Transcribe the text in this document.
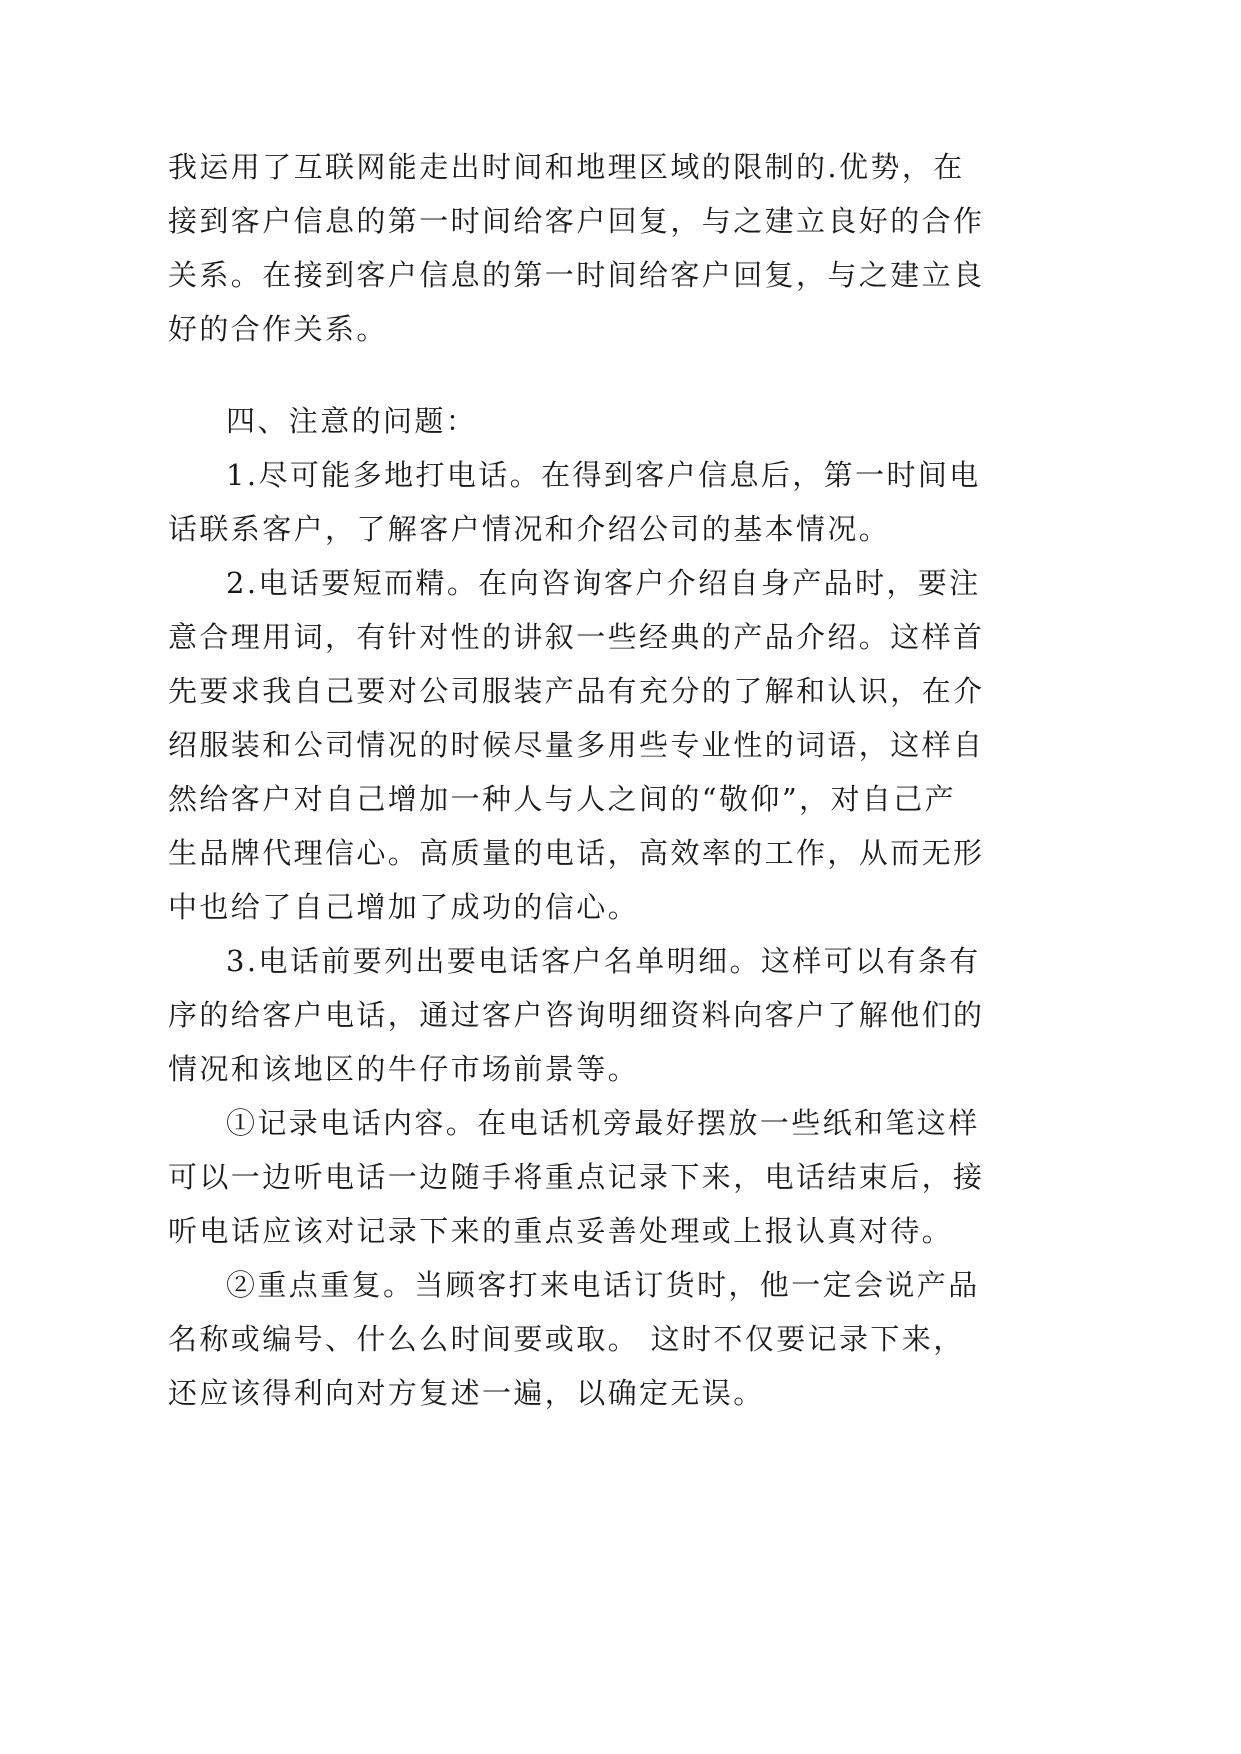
我运用了互联网能走出时间和地理区域的限制的.优势，在
接到客户信息的第一时间给客户回复，与之建立良好的合作
关系。在接到客户信息的第一时间给客户回复，与之建立良
好的合作关系。
四、注意的问题：
1.尽可能多地打电话。在得到客户信息后，第一时间电
话联系客户，了解客户情况和介绍公司的基本情况。
2.电话要短而精。在向咨询客户介绍自身产品时，要注
意合理用词，有针对性的讲叙一些经典的产品介绍。这样首
先要求我自己要对公司服装产品有充分的了解和认识，在介
绍服装和公司情况的时候尽量多用些专业性的词语，这样自
然给客户对自己增加一种人与人之间的“敬仰”，对自己产
生品牌代理信心。高质量的电话，高效率的工作，从而无形
中也给了自己增加了成功的信心。
3.电话前要列出要电话客户名单明细。这样可以有条有
序的给客户电话，通过客户咨询明细资料向客户了解他们的
情况和该地区的牛仔市场前景等。
①记录电话内容。在电话机旁最好摆放一些纸和笔这样
可以一边听电话一边随手将重点记录下来，电话结束后，接
听电话应该对记录下来的重点妥善处理或上报认真对待。
②重点重复。当顾客打来电话订货时，他一定会说产品
名称或编号、什么么时间要或取。 这时不仅要记录下来，
还应该得利向对方复述一遍，以确定无误。
